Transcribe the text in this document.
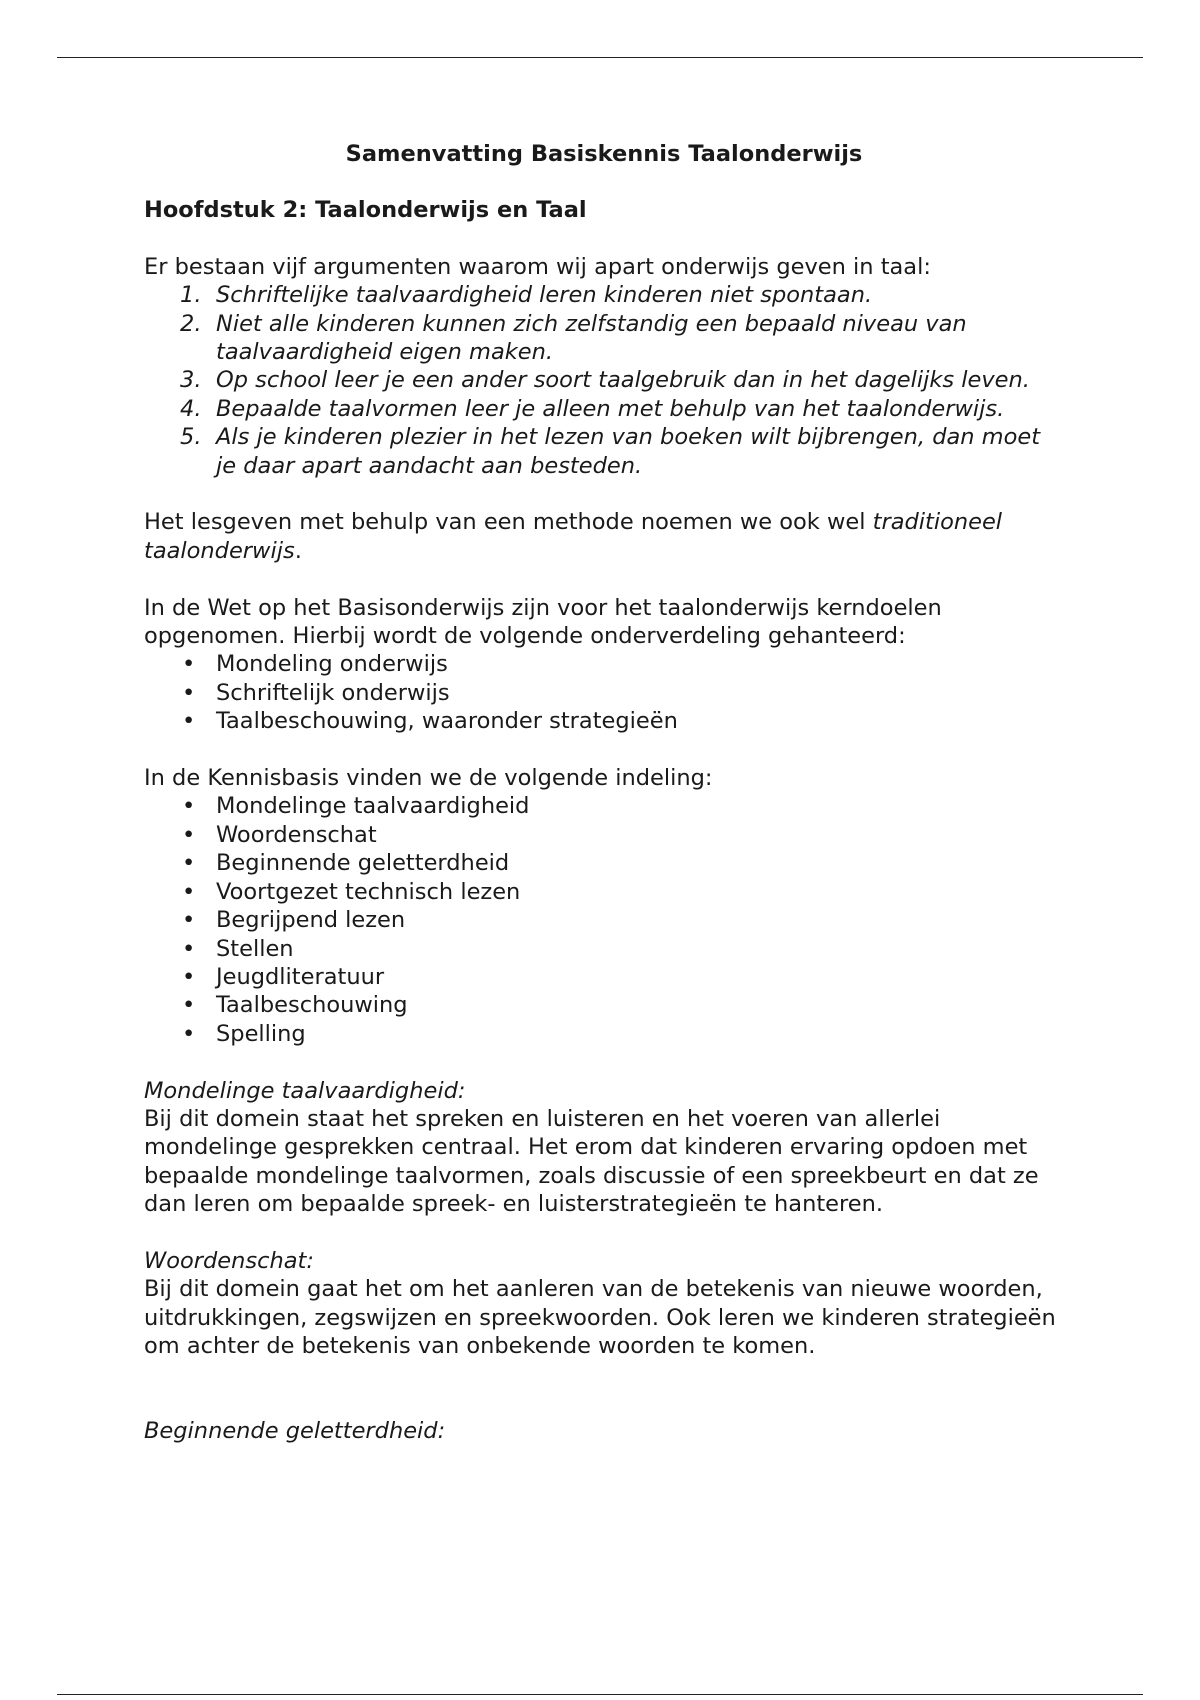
Samenvatting Basiskennis Taalonderwijs
Hoofdstuk 2: Taalonderwijs en Taal

Er bestaan vijf argumenten waarom wij apart onderwijs geven in taal:

1. Schriftelijke taalvaardigheid leren kinderen niet spontaan.
2. Niet alle kinderen kunnen zich zelfstandig een bepaald niveau van taalvaardigheid eigen maken.
3. Op school leer je een ander soort taalgebruik dan in het dagelijks leven.
4. Bepaalde taalvormen leer je alleen met behulp van het taalonderwijs.
5. Als je kinderen plezier in het lezen van boeken wilt bijbrengen, dan moet je daar apart aandacht aan besteden.

Het lesgeven met behulp van een methode noemen we ook wel traditioneel taalonderwijs.

In de Wet op het Basisonderwijs zijn voor het taalonderwijs kerndoelen opgenomen. Hierbij wordt de volgende onderverdeling gehanteerd:

• Mondeling onderwijs
• Schriftelijk onderwijs
• Taalbeschouwing, waaronder strategieën

In de Kennisbasis vinden we de volgende indeling:

• Mondelinge taalvaardigheid
• Woordenschat
• Beginnende geletterdheid
• Voortgezet technisch lezen
• Begrijpend lezen
• Stellen
• Jeugdliteratuur
• Taalbeschouwing
• Spelling

Mondelinge taalvaardigheid:

Bij dit domein staat het spreken en luisteren en het voeren van allerlei mondelinge gesprekken centraal. Het erom dat kinderen ervaring opdoen met bepaalde mondelinge taalvormen, zoals discussie of een spreekbeurt en dat ze dan leren om bepaalde spreek- en luisterstrategieën te hanteren.

Woordenschat:

Bij dit domein gaat het om het aanleren van de betekenis van nieuwe woorden, uitdrukkingen, zegswijzen en spreekwoorden. Ook leren we kinderen strategieën om achter de betekenis van onbekende woorden te komen.

Beginnende geletterdheid:
